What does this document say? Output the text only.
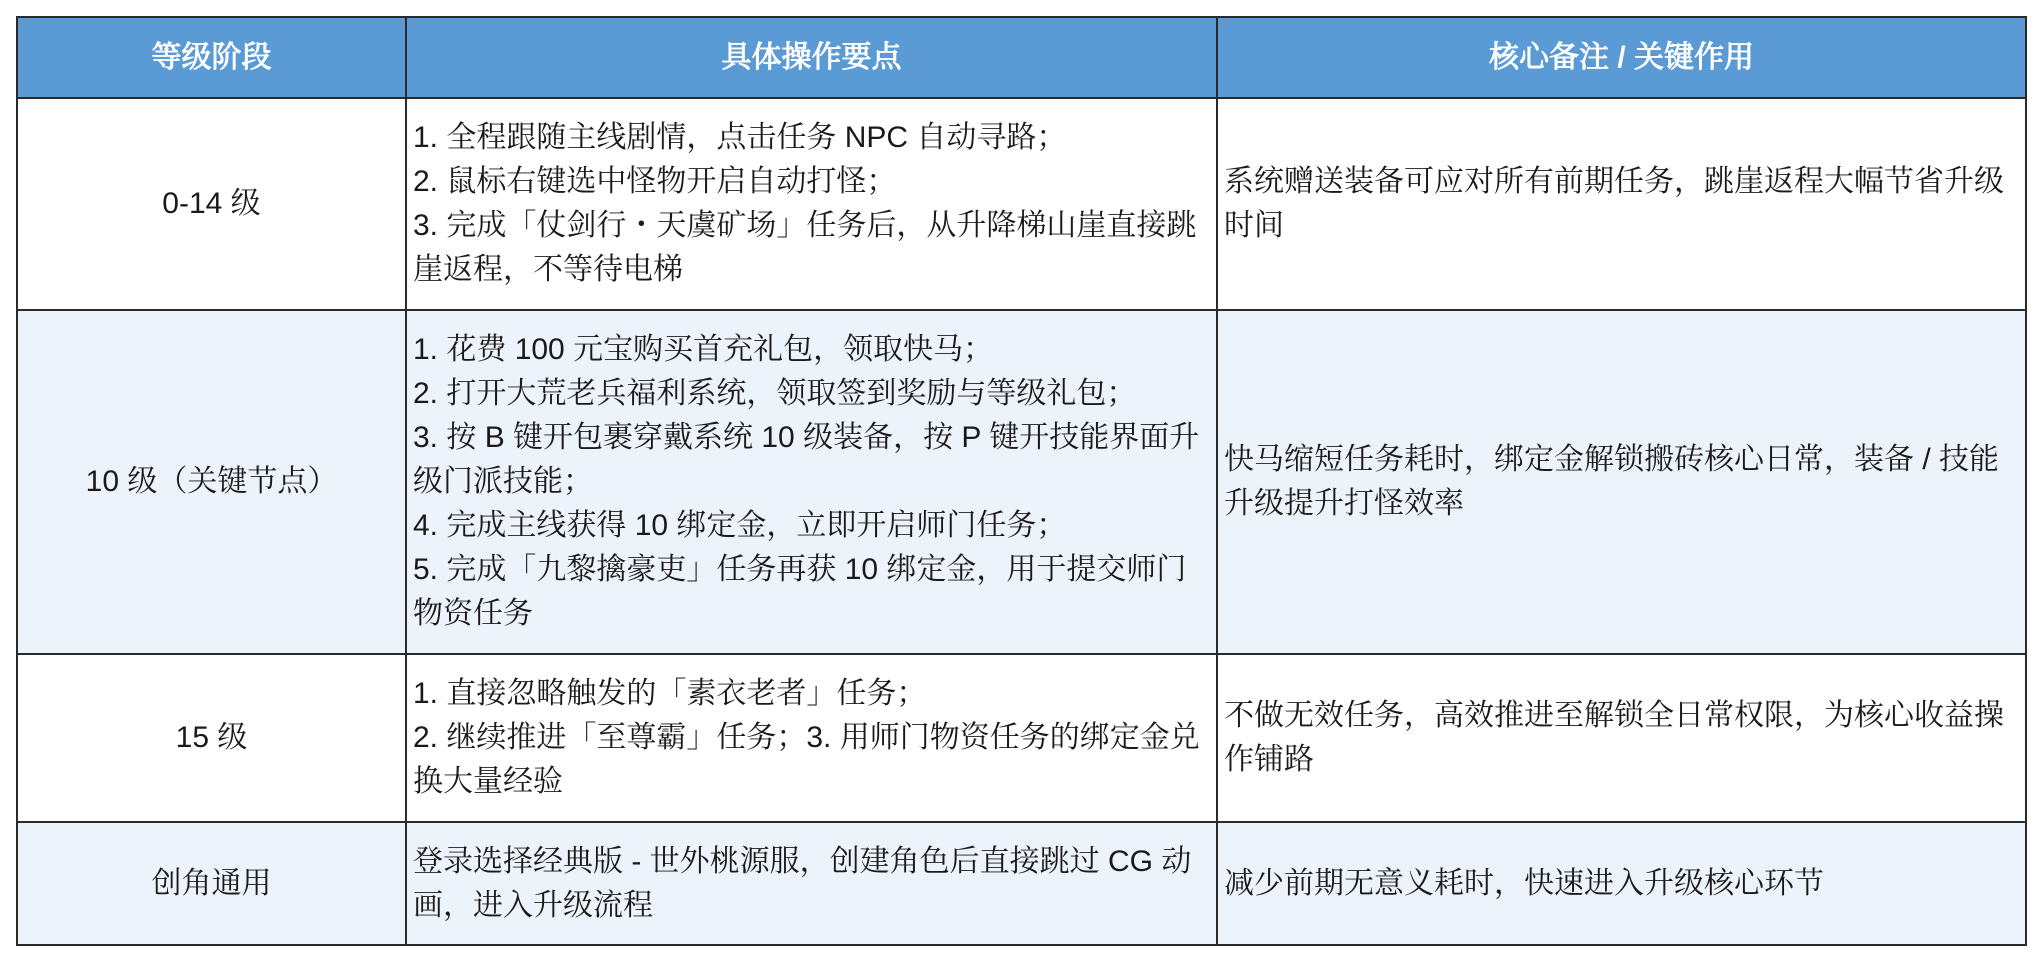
等级阶段	具体操作要点	核心备注 / 关键作用
0-14 级
1. 全程跟随主线剧情，点击任务 NPC 自动寻路；
2. 鼠标右键选中怪物开启自动打怪；
3. 完成「仗剑行・天虞矿场」任务后，从升降梯山崖直接跳崖返程，不等待电梯
系统赠送装备可应对所有前期任务，跳崖返程大幅节省升级时间
10 级（关键节点）
1. 花费 100 元宝购买首充礼包，领取快马；
2. 打开大荒老兵福利系统，领取签到奖励与等级礼包；
3. 按 B 键开包裹穿戴系统 10 级装备，按 P 键开技能界面升级门派技能；
4. 完成主线获得 10 绑定金，立即开启师门任务；
5. 完成「九黎擒豪吏」任务再获 10 绑定金，用于提交师门物资任务
快马缩短任务耗时，绑定金解锁搬砖核心日常，装备 / 技能升级提升打怪效率
15 级
1. 直接忽略触发的「素衣老者」任务；
2. 继续推进「至尊霸」任务；3. 用师门物资任务的绑定金兑换大量经验
不做无效任务，高效推进至解锁全日常权限，为核心收益操作铺路
创角通用
登录选择经典版 - 世外桃源服，创建角色后直接跳过 CG 动画，进入升级流程
减少前期无意义耗时，快速进入升级核心环节
